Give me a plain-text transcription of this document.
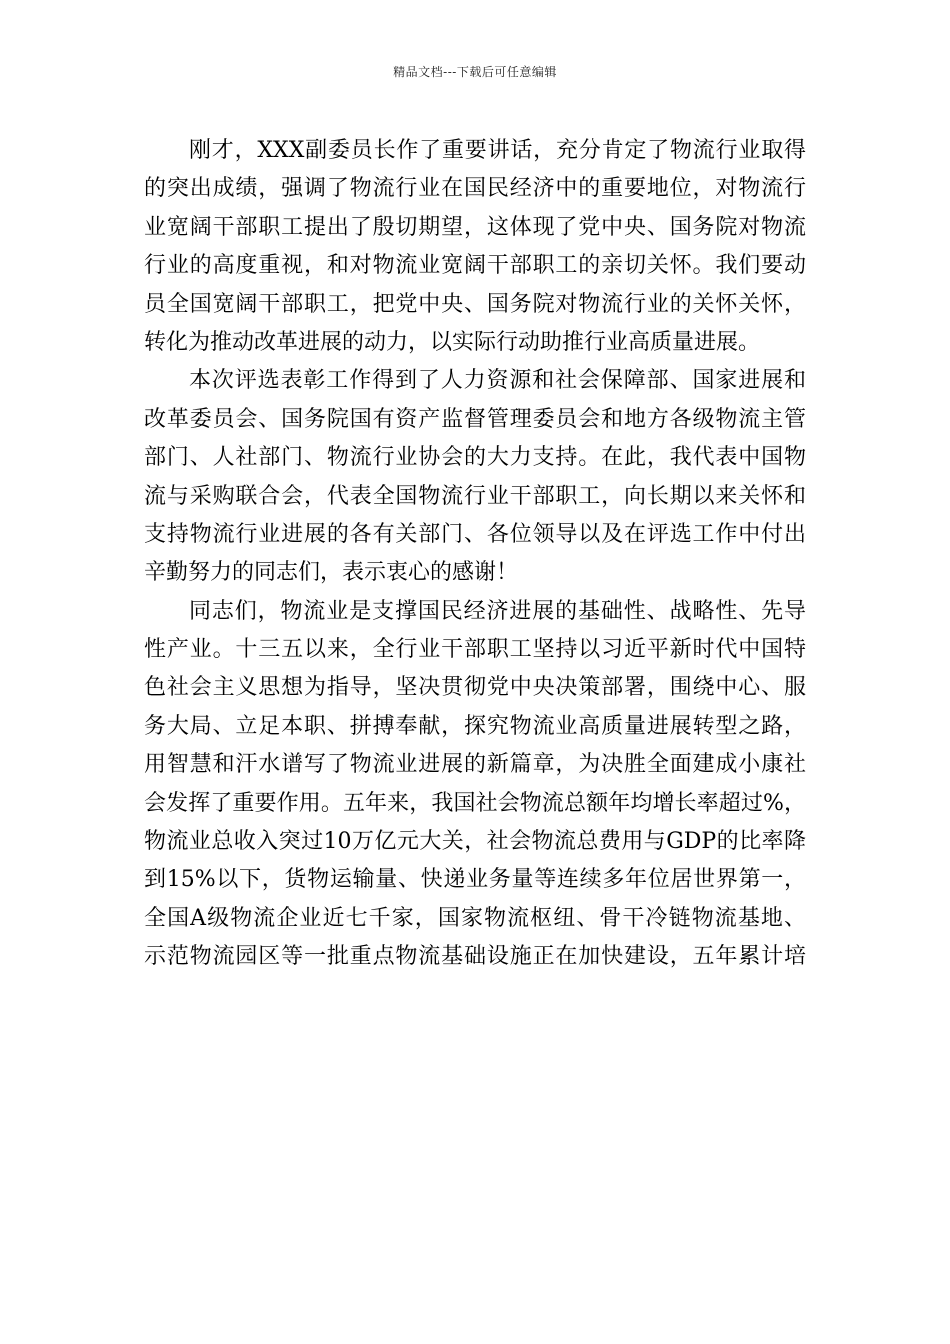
精品文档---下载后可任意编辑
刚才，XXX副委员长作了重要讲话，充分肯定了物流行业取得
的突出成绩，强调了物流行业在国民经济中的重要地位，对物流行
业宽阔干部职工提出了殷切期望，这体现了党中央、国务院对物流
行业的高度重视，和对物流业宽阔干部职工的亲切关怀。我们要动
员全国宽阔干部职工，把党中央、国务院对物流行业的关怀关怀，
转化为推动改革进展的动力，以实际行动助推行业高质量进展。
本次评选表彰工作得到了人力资源和社会保障部、国家进展和
改革委员会、国务院国有资产监督管理委员会和地方各级物流主管
部门、人社部门、物流行业协会的大力支持。在此，我代表中国物
流与采购联合会，代表全国物流行业干部职工，向长期以来关怀和
支持物流行业进展的各有关部门、各位领导以及在评选工作中付出
辛勤努力的同志们，表示衷心的感谢！
同志们，物流业是支撑国民经济进展的基础性、战略性、先导
性产业。十三五以来，全行业干部职工坚持以习近平新时代中国特
色社会主义思想为指导，坚决贯彻党中央决策部署，围绕中心、服
务大局、立足本职、拼搏奉献，探究物流业高质量进展转型之路，
用智慧和汗水谱写了物流业进展的新篇章，为决胜全面建成小康社
会发挥了重要作用。五年来，我国社会物流总额年均增长率超过%，
物流业总收入突过10万亿元大关，社会物流总费用与GDP的比率降
到15%以下，货物运输量、快递业务量等连续多年位居世界第一，
全国A级物流企业近七千家，国家物流枢纽、骨干冷链物流基地、
示范物流园区等一批重点物流基础设施正在加快建设，五年累计培
